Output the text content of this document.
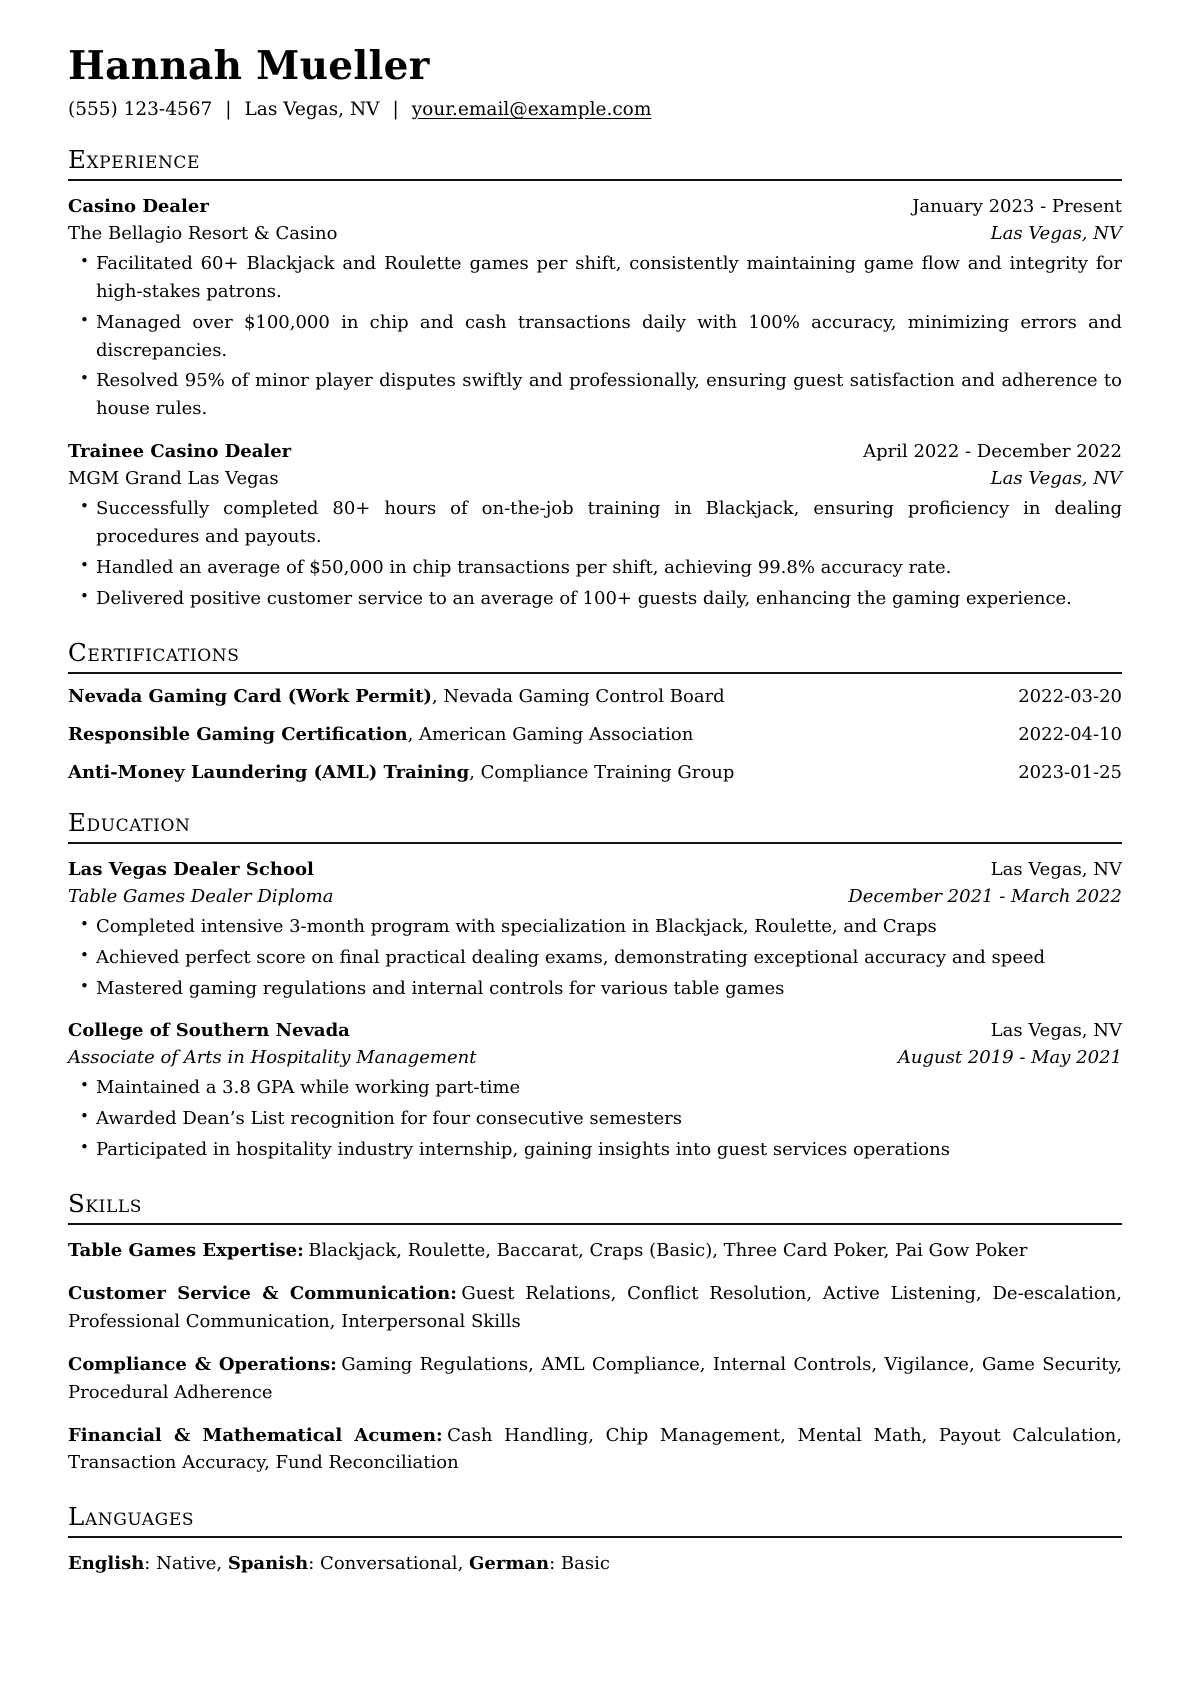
Hannah Mueller
(555) 123-4567 | Las Vegas, NV | your.email@example.com
Experience
Casino Dealer	January 2023 - Present
The Bellagio Resort & Casino	Las Vegas, NV
• Facilitated 60+ Blackjack and Roulette games per shift, consistently maintaining game flow and integrity for high-stakes patrons.
• Managed over $100,000 in chip and cash transactions daily with 100% accuracy, minimizing errors and discrepancies.
• Resolved 95% of minor player disputes swiftly and professionally, ensuring guest satisfaction and adherence to house rules.
Trainee Casino Dealer	April 2022 - December 2022
MGM Grand Las Vegas	Las Vegas, NV
• Successfully completed 80+ hours of on-the-job training in Blackjack, ensuring proficiency in dealing procedures and payouts.
• Handled an average of $50,000 in chip transactions per shift, achieving 99.8% accuracy rate.
• Delivered positive customer service to an average of 100+ guests daily, enhancing the gaming experience.
Certifications
Nevada Gaming Card (Work Permit), Nevada Gaming Control Board	2022-03-20
Responsible Gaming Certification, American Gaming Association	2022-04-10
Anti-Money Laundering (AML) Training, Compliance Training Group	2023-01-25
Education
Las Vegas Dealer School	Las Vegas, NV
Table Games Dealer Diploma	December 2021 - March 2022
• Completed intensive 3-month program with specialization in Blackjack, Roulette, and Craps
• Achieved perfect score on final practical dealing exams, demonstrating exceptional accuracy and speed
• Mastered gaming regulations and internal controls for various table games
College of Southern Nevada	Las Vegas, NV
Associate of Arts in Hospitality Management	August 2019 - May 2021
• Maintained a 3.8 GPA while working part-time
• Awarded Dean’s List recognition for four consecutive semesters
• Participated in hospitality industry internship, gaining insights into guest services operations
Skills

Table Games Expertise: Blackjack, Roulette, Baccarat, Craps (Basic), Three Card Poker, Pai Gow Poker

Customer Service & Communication: Guest Relations, Conflict Resolution, Active Listening, De-escalation, Professional Communication, Interpersonal Skills

Compliance & Operations: Gaming Regulations, AML Compliance, Internal Controls, Vigilance, Game Security, Procedural Adherence

Financial & Mathematical Acumen: Cash Handling, Chip Management, Mental Math, Payout Calculation, Transaction Accuracy, Fund Reconciliation

Languages

English: Native, Spanish: Conversational, German: Basic
